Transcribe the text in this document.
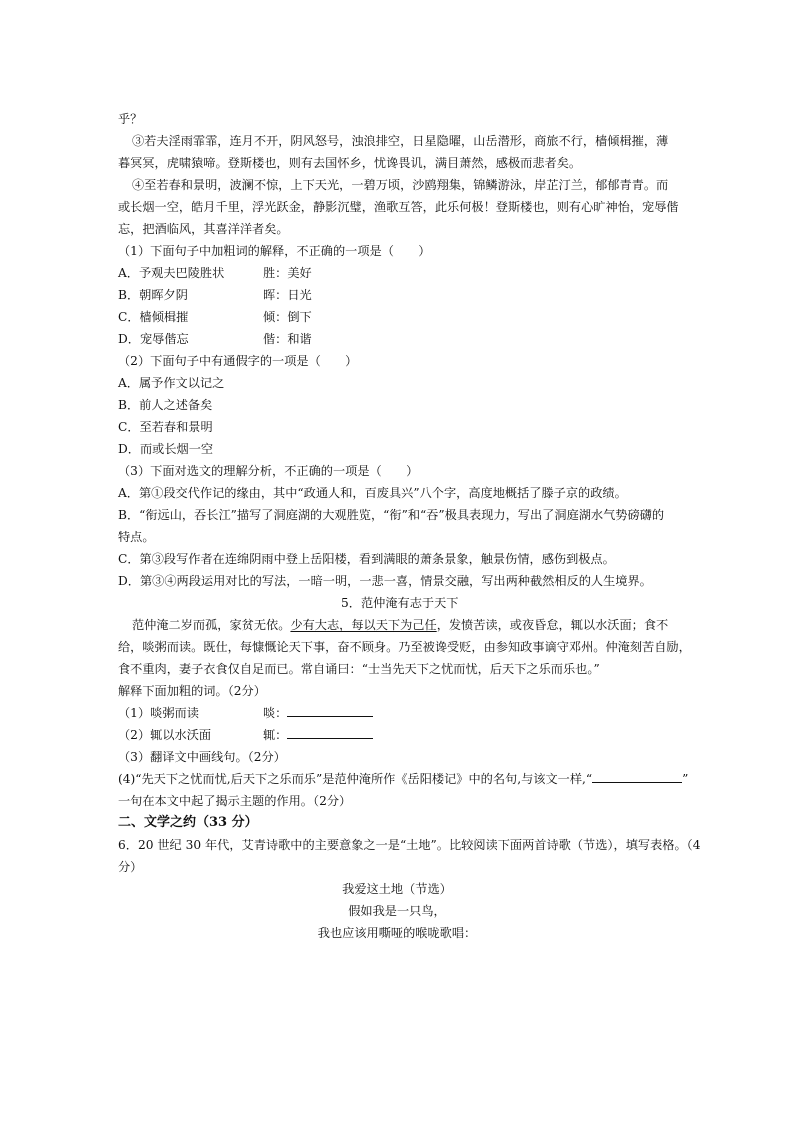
乎？
③若夫淫雨霏霏，连月不开，阴风怒号，浊浪排空，日星隐曜，山岳潜形，商旅不行，樯倾楫摧，薄
暮冥冥，虎啸猿啼。登斯楼也，则有去国怀乡，忧谗畏讥，满目萧然，感极而悲者矣。
④至若春和景明，波澜不惊，上下天光，一碧万顷，沙鸥翔集，锦鳞游泳，岸芷汀兰，郁郁青青。而
或长烟一空，皓月千里，浮光跃金，静影沉璧，渔歌互答，此乐何极！登斯楼也，则有心旷神怡，宠辱偕
忘，把酒临风，其喜洋洋者矣。
（1）下面句子中加粗词的解释，不正确的一项是（　　）
A．予观夫巴陵胜状	胜：美好
B．朝晖夕阴	晖：日光
C．樯倾楫摧	倾：倒下
D．宠辱偕忘	偕：和谐
（2）下面句子中有通假字的一项是（　　）
A．属予作文以记之
B．前人之述备矣
C．至若春和景明
D．而或长烟一空
（3）下面对选文的理解分析，不正确的一项是（　　）
A．第①段交代作记的缘由，其中“政通人和，百废具兴”八个字，高度地概括了滕子京的政绩。
B．“衔远山，吞长江”描写了洞庭湖的大观胜览，“衔”和“吞”极具表现力，写出了洞庭湖水气势磅礴的
特点。
C．第③段写作者在连绵阴雨中登上岳阳楼，看到满眼的萧条景象，触景伤情，感伤到极点。
D．第③④两段运用对比的写法，一暗一明，一悲一喜，情景交融，写出两种截然相反的人生境界。
5．范仲淹有志于天下
范仲淹二岁而孤，家贫无依。少有大志，每以天下为己任，发愤苦读，或夜昏怠，辄以水沃面；食不
给，啖粥而读。既仕，每慷慨论天下事，奋不顾身。乃至被谗受贬，由参知政事谪守邓州。仲淹刻苦自励，
食不重肉，妻子衣食仅自足而已。常自诵曰：“士当先天下之忧而忧，后天下之乐而乐也。”
解释下面加粗的词。（2分）
（1）啖粥而读	啖：
（2）辄以水沃面	辄：
（3）翻译文中画线句。（2分）
(4)“先天下之忧而忧,后天下之乐而乐”是范仲淹所作《岳阳楼记》中的名句,与该文一样,“	”
一句在本文中起了揭示主题的作用。（2分）
二、文学之约（33 分）
6．20 世纪 30 年代，艾青诗歌中的主要意象之一是“土地”。比较阅读下面两首诗歌（节选），填写表格。（4
分）
我爱这土地（节选）
假如我是一只鸟，
我也应该用嘶哑的喉咙歌唱：
